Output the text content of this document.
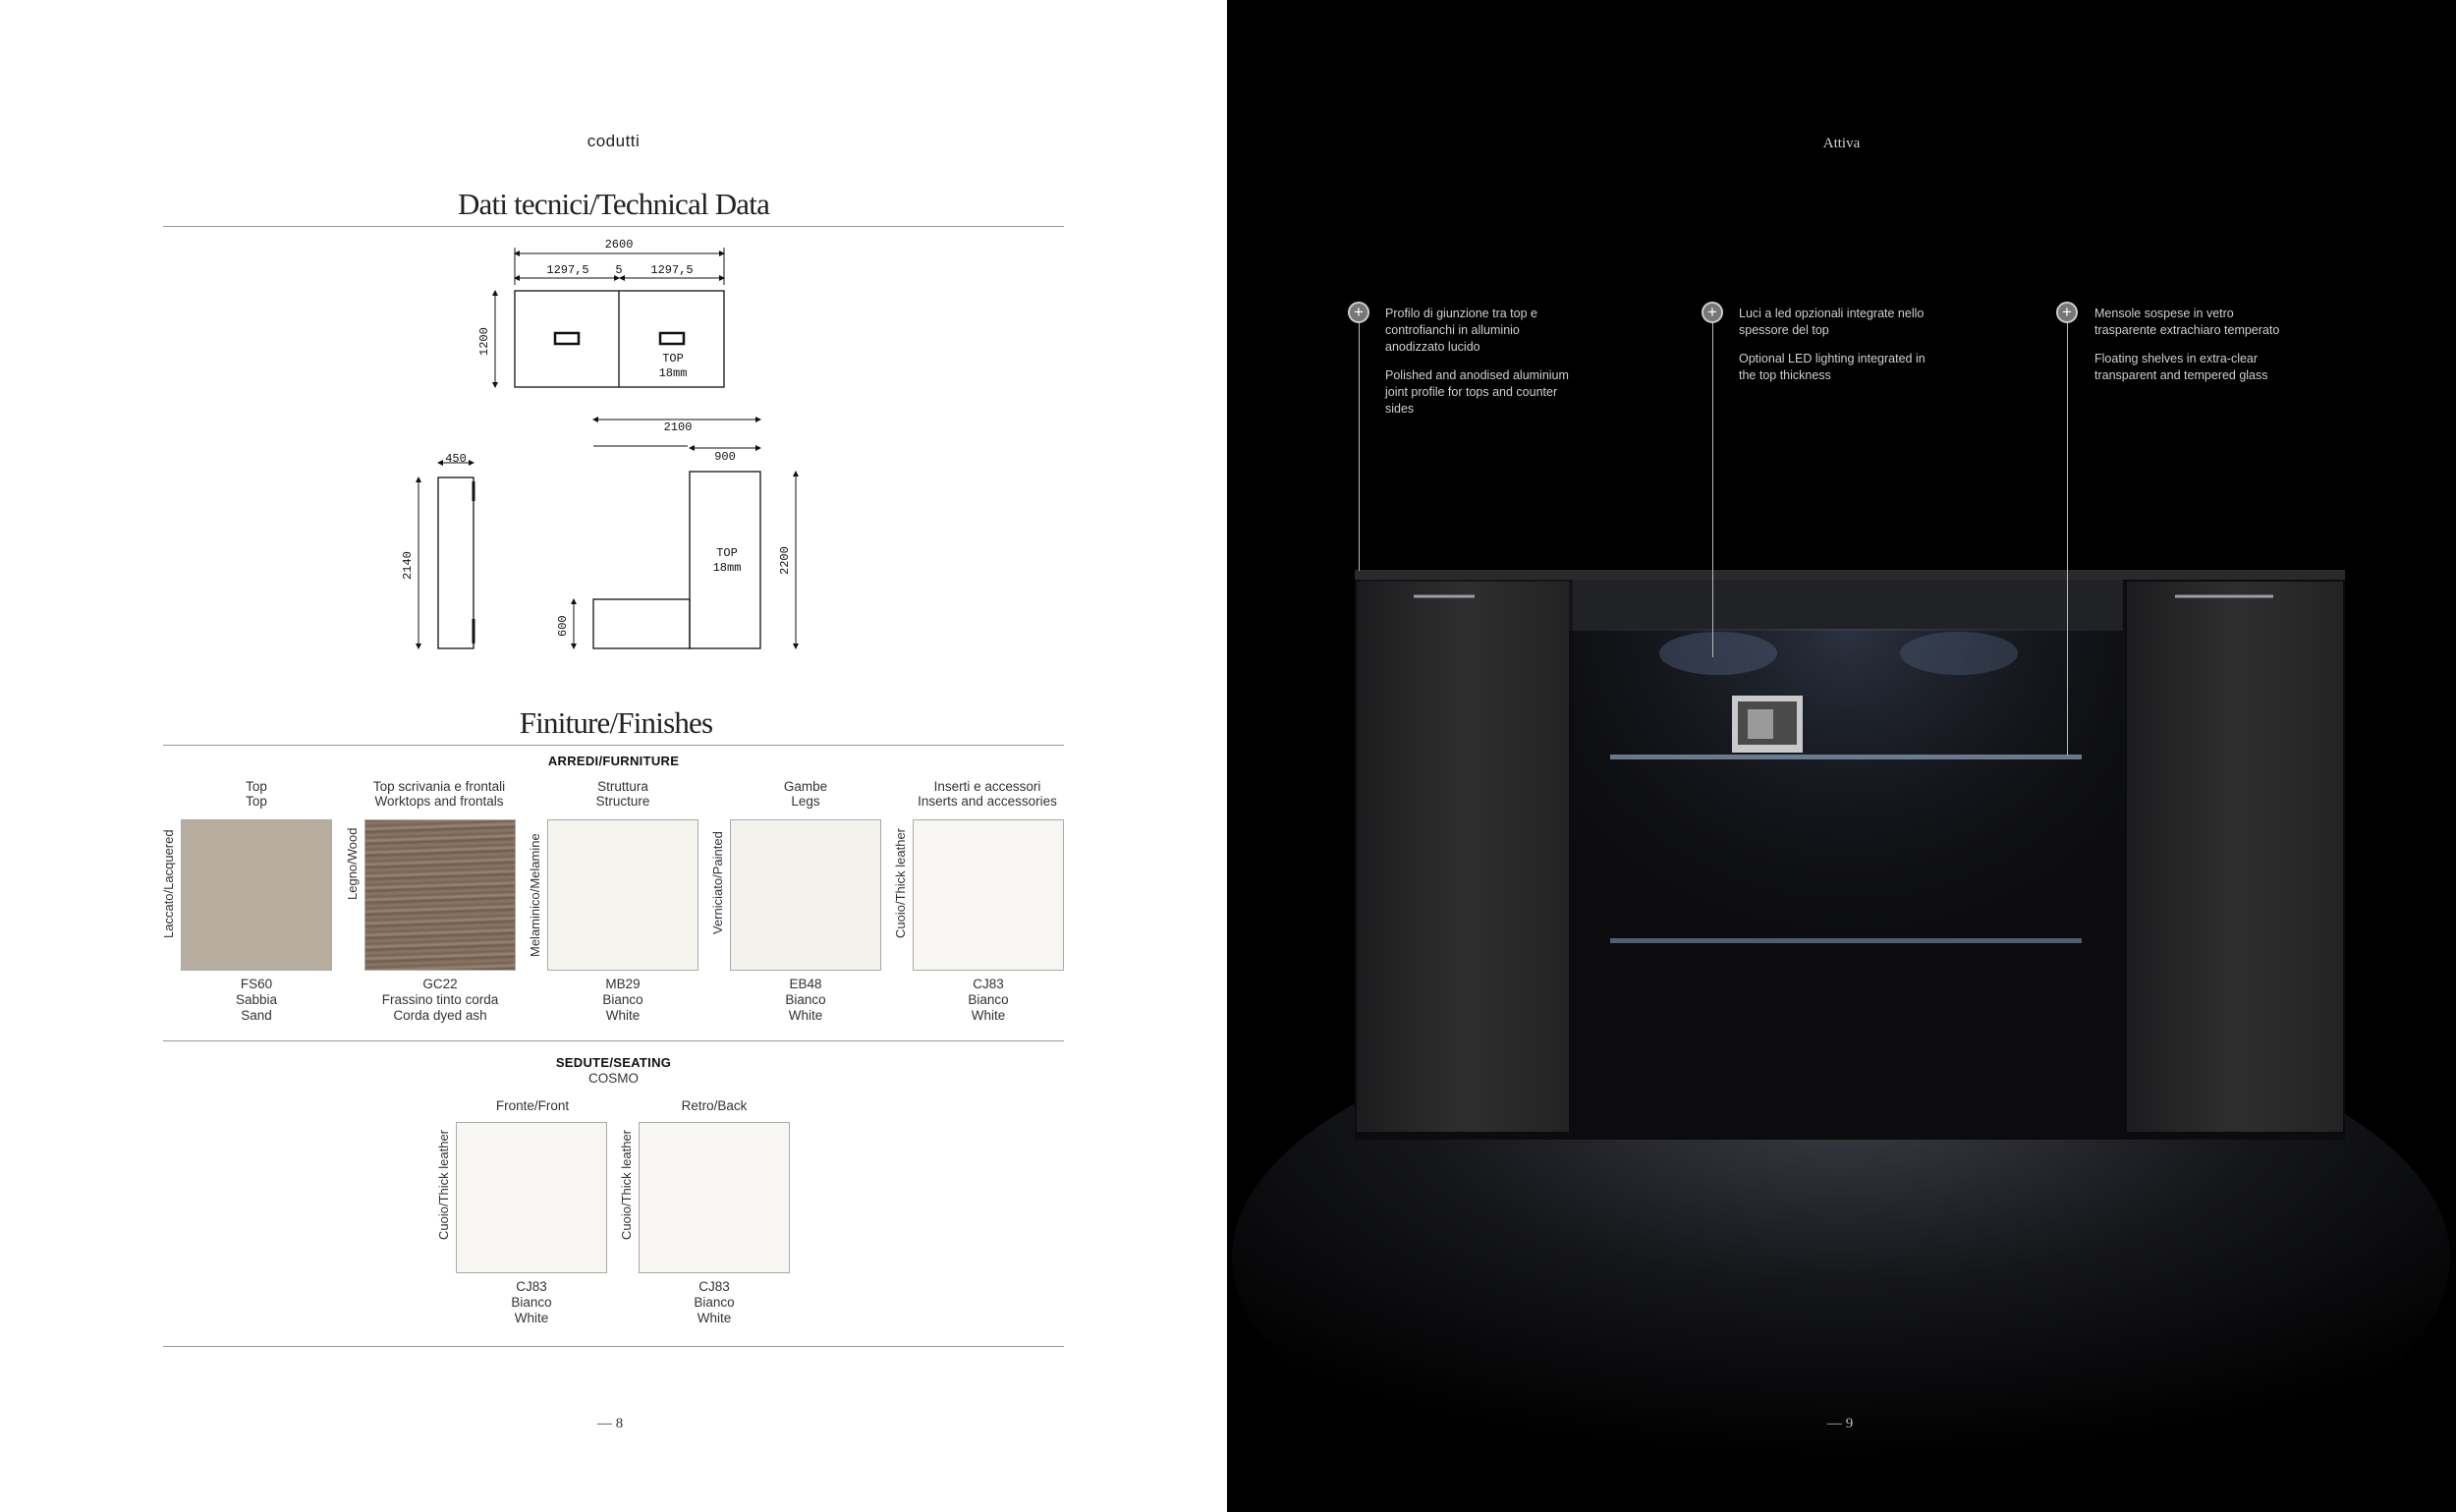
codutti
Dati tecnici/Technical Data
2600
1297,5	5	1297,5
1200
TOP
18mm
450
2140
2100
900
2200
600
TOP
18mm
Finiture/Finishes
ARREDI/FURNITURE
Top
Top
Laccato/Lacquered
FS60
Sabbia
Sand
Top scrivania e frontali
Worktops and frontals
Legno/Wood
GC22
Frassino tinto corda
Corda dyed ash
Struttura
Structure
Melaminico/Melamine
MB29
Bianco
White
Gambe
Legs
Verniciato/Painted
EB48
Bianco
White
Inserti e accessori
Inserts and accessories
Cuoio/Thick leather
CJ83
Bianco
White
SEDUTE/SEATING
COSMO
Fronte/Front
Cuoio/Thick leather
CJ83
Bianco
White
Retro/Back
Cuoio/Thick leather
CJ83
Bianco
White
— 8
Attiva
+	Profilo di giunzione tra top e controfianchi in alluminio anodizzato lucido

Polished and anodised aluminium joint profile for tops and counter sides

+	Luci a led opzionali integrate nello spessore del top

Optional LED lighting integrated in the top thickness

+	Mensole sospese in vetro trasparente extrachiaro temperato

Floating shelves in extra-clear transparent and tempered glass

— 9
